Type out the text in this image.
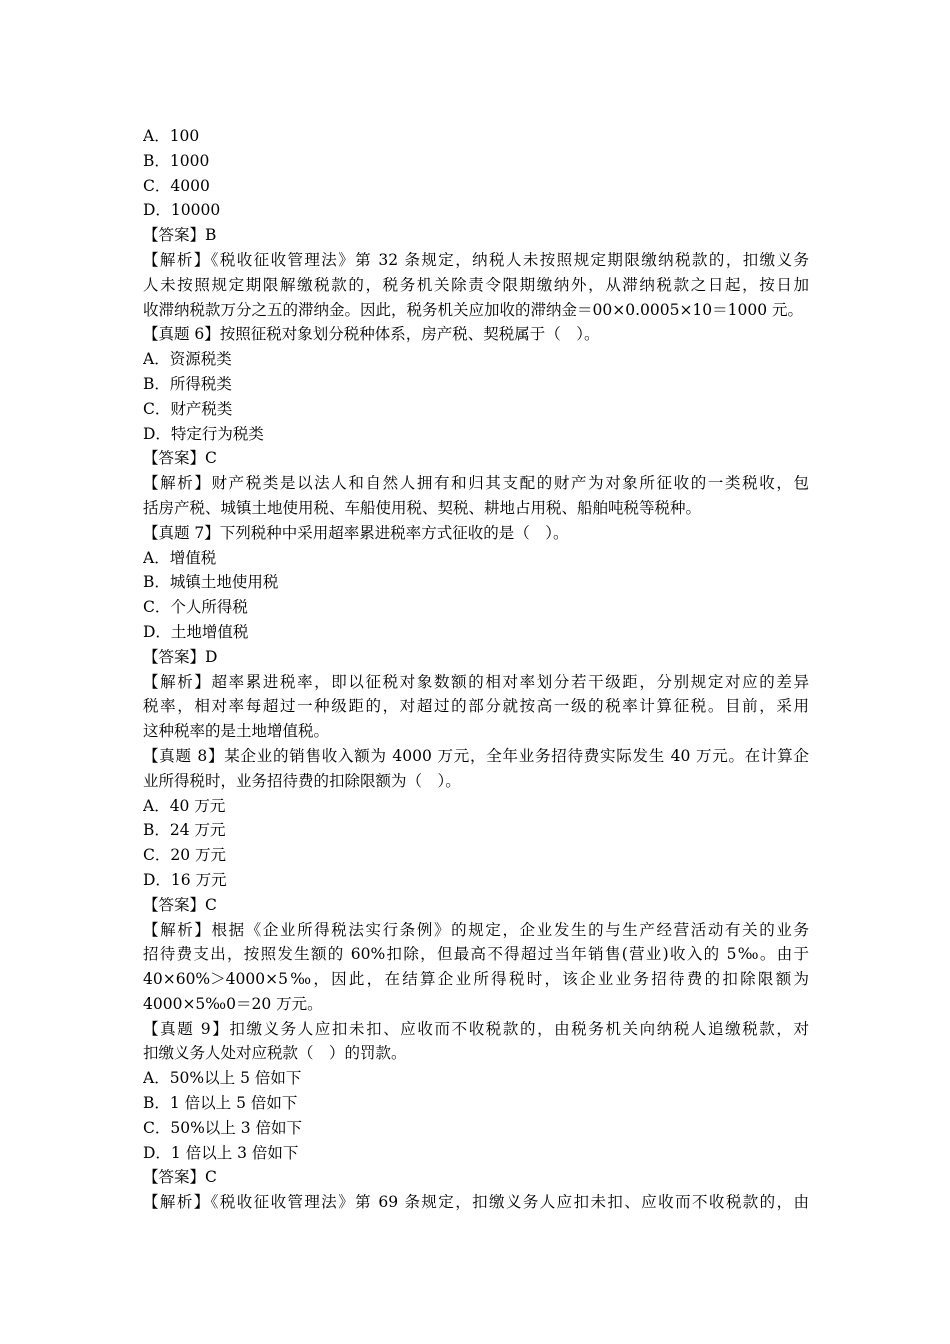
A．100
B．1000
C．4000
D．10000
【答案】B
【解析】《税收征收管理法》第 32 条规定，纳税人未按照规定期限缴纳税款的，扣缴义务
人未按照规定期限解缴税款的，税务机关除责令限期缴纳外，从滞纳税款之日起，按日加
收滞纳税款万分之五的滞纳金。因此，税务机关应加收的滞纳金＝00×0.0005×10＝1000 元。
【真题 6】按照征税对象划分税种体系，房产税、契税属于（　）。
A．资源税类
B．所得税类
C．财产税类
D．特定行为税类
【答案】C
【解析】财产税类是以法人和自然人拥有和归其支配的财产为对象所征收的一类税收，包
括房产税、城镇土地使用税、车船使用税、契税、耕地占用税、船舶吨税等税种。
【真题 7】下列税种中采用超率累进税率方式征收的是（　）。
A．增值税
B．城镇土地使用税
C．个人所得税
D．土地增值税
【答案】D
【解析】超率累进税率，即以征税对象数额的相对率划分若干级距，分别规定对应的差异
税率，相对率每超过一种级距的，对超过的部分就按高一级的税率计算征税。目前，采用
这种税率的是土地增值税。
【真题 8】某企业的销售收入额为 4000 万元，全年业务招待费实际发生 40 万元。在计算企
业所得税时，业务招待费的扣除限额为（　）。
A．40 万元
B．24 万元
C．20 万元
D．16 万元
【答案】C
【解析】根据《企业所得税法实行条例》的规定，企业发生的与生产经营活动有关的业务
招待费支出，按照发生额的 60%扣除，但最高不得超过当年销售(营业)收入的 5‰。由于
40×60%＞4000×5‰，因此，在结算企业所得税时，该企业业务招待费的扣除限额为
4000×5‰0＝20 万元。
【真题 9】扣缴义务人应扣未扣、应收而不收税款的，由税务机关向纳税人追缴税款，对
扣缴义务人处对应税款（　）的罚款。
A．50%以上 5 倍如下
B．1 倍以上 5 倍如下
C．50%以上 3 倍如下
D．1 倍以上 3 倍如下
【答案】C
【解析】《税收征收管理法》第 69 条规定，扣缴义务人应扣未扣、应收而不收税款的，由
